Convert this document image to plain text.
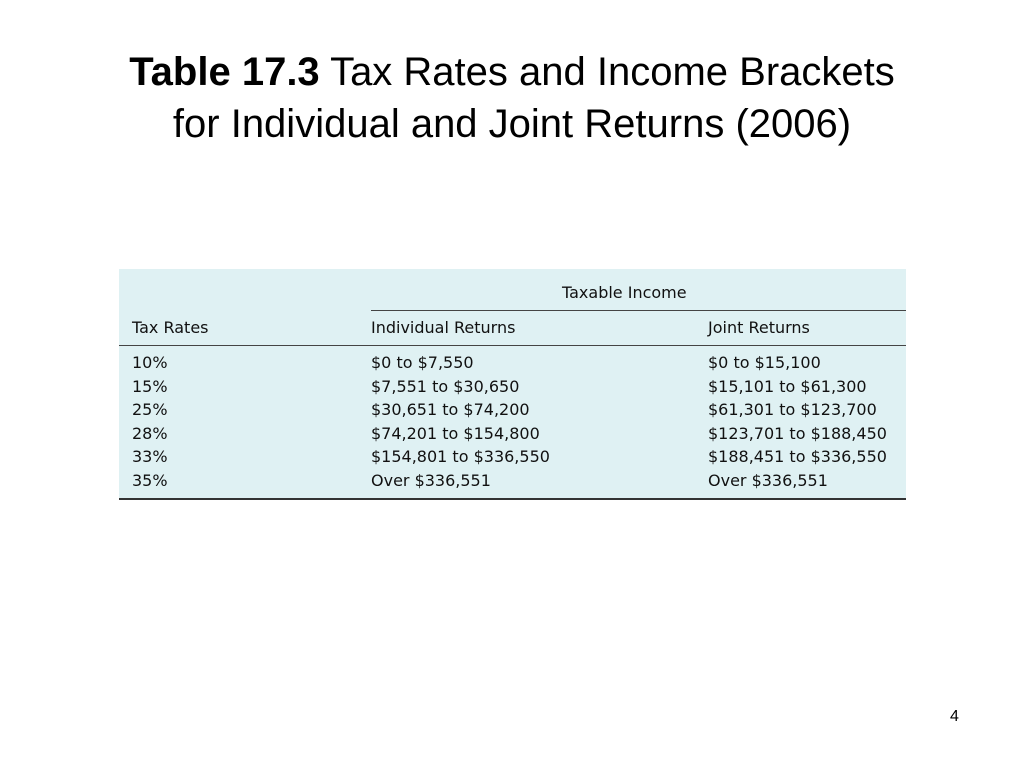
Table 17.3 Tax Rates and Income Brackets
for Individual and Joint Returns (2006)
Taxable Income
Tax Rates	Individual Returns	Joint Returns
10%
15%
25%
28%
33%
35%
$0 to $7,550
$7,551 to $30,650
$30,651 to $74,200
$74,201 to $154,800
$154,801 to $336,550
Over $336,551
$0 to $15,100
$15,101 to $61,300
$61,301 to $123,700
$123,701 to $188,450
$188,451 to $336,550
Over $336,551
4
